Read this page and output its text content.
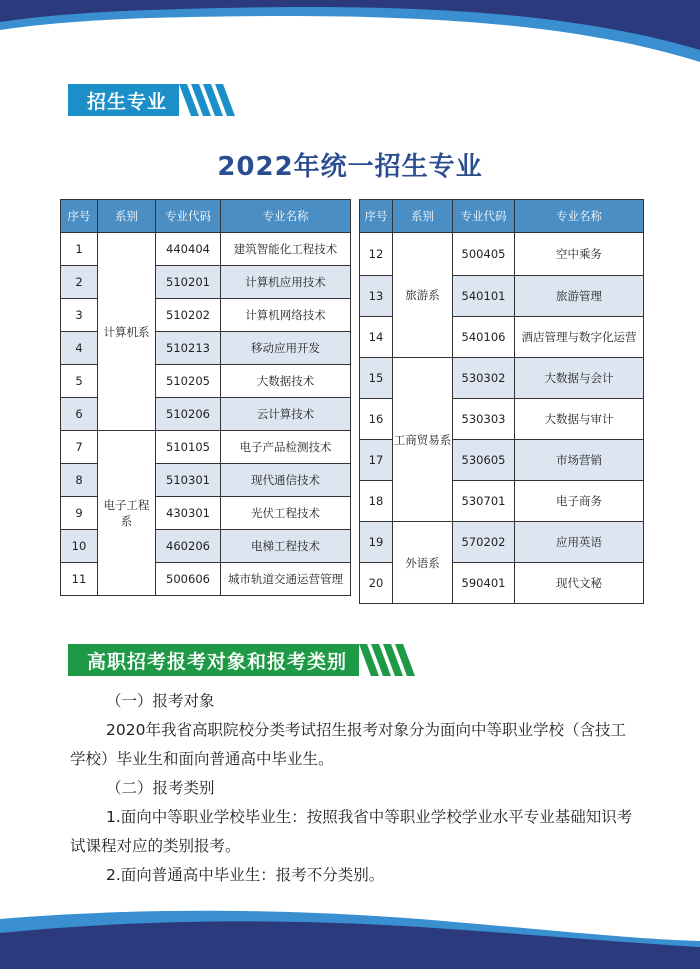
招生专业
2022年统一招生专业
序号	系别	专业代码	专业名称
1	计算机系	440404	建筑智能化工程技术
2		510201	计算机应用技术
3		510202	计算机网络技术
4		510213	移动应用开发
5		510205	大数据技术
6		510206	云计算技术
7	电子工程系	510105	电子产品检测技术
8		510301	现代通信技术
9		430301	光伏工程技术
10		460206	电梯工程技术
11		500606	城市轨道交通运营管理
序号	系别	专业代码	专业名称
12	旅游系	500405	空中乘务
13		540101	旅游管理
14		540106	酒店管理与数字化运营
15	工商贸易系	530302	大数据与会计
16		530303	大数据与审计
17		530605	市场营销
18		530701	电子商务
19	外语系	570202	应用英语
20		590401	现代文秘
高职招考报考对象和报考类别

（一）报考对象

2020年我省高职院校分类考试招生报考对象分为面向中等职业学校（含技工学校）毕业生和面向普通高中毕业生。

（二）报考类别

1.面向中等职业学校毕业生：按照我省中等职业学校学业水平专业基础知识考试课程对应的类别报考。

2.面向普通高中毕业生：报考不分类别。
